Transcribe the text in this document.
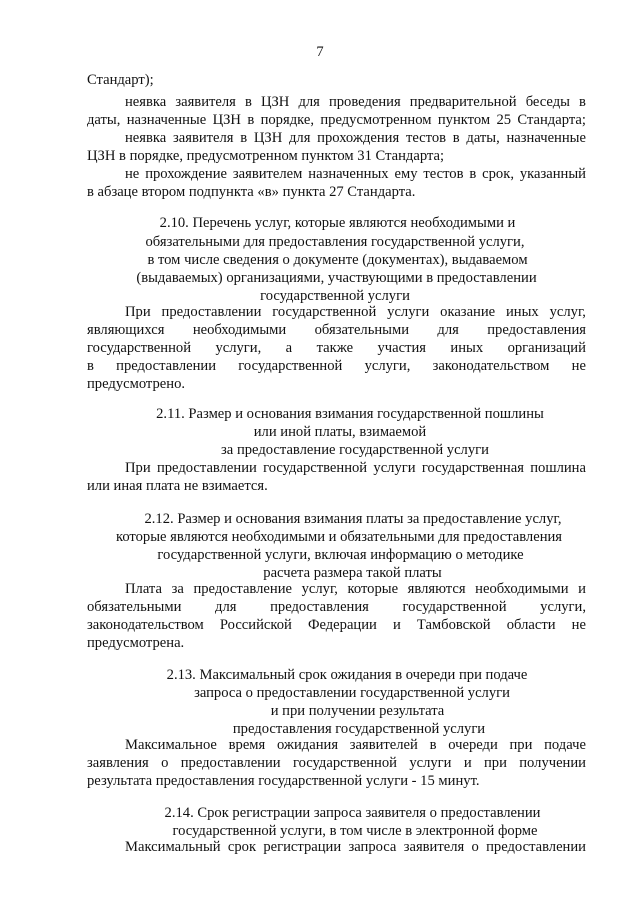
7
Стандарт);
неявка заявителя в ЦЗН для проведения предварительной беседы в
даты, назначенные ЦЗН в порядке, предусмотренном пунктом 25 Стандарта;
неявка заявителя в ЦЗН для прохождения тестов в даты, назначенные
ЦЗН в порядке, предусмотренном пунктом 31 Стандарта;
не прохождение заявителем назначенных ему тестов в срок, указанный
в абзаце втором подпункта «в» пункта 27 Стандарта.
2.10. Перечень услуг, которые являются необходимыми и
обязательными для предоставления государственной услуги,
в том числе сведения о документе (документах), выдаваемом
(выдаваемых) организациями, участвующими в предоставлении
государственной услуги
При предоставлении государственной услуги оказание иных услуг,
являющихся необходимыми обязательными для предоставления
государственной услуги, а также участия иных организаций
в предоставлении государственной услуги, законодательством не
предусмотрено.
2.11. Размер и основания взимания государственной пошлины
или иной платы, взимаемой
за предоставление государственной услуги
При предоставлении государственной услуги государственная пошлина
или иная плата не взимается.
2.12. Размер и основания взимания платы за предоставление услуг,
которые являются необходимыми и обязательными для предоставления
государственной услуги, включая информацию о методике
расчета размера такой платы
Плата за предоставление услуг, которые являются необходимыми и
обязательными для предоставления государственной услуги,
законодательством Российской Федерации и Тамбовской области не
предусмотрена.
2.13. Максимальный срок ожидания в очереди при подаче
запроса о предоставлении государственной услуги
и при получении результата
предоставления государственной услуги
Максимальное время ожидания заявителей в очереди при подаче
заявления о предоставлении государственной услуги и при получении
результата предоставления государственной услуги - 15 минут.
2.14. Срок регистрации запроса заявителя о предоставлении
государственной услуги, в том числе в электронной форме
Максимальный срок регистрации запроса заявителя о предоставлении
